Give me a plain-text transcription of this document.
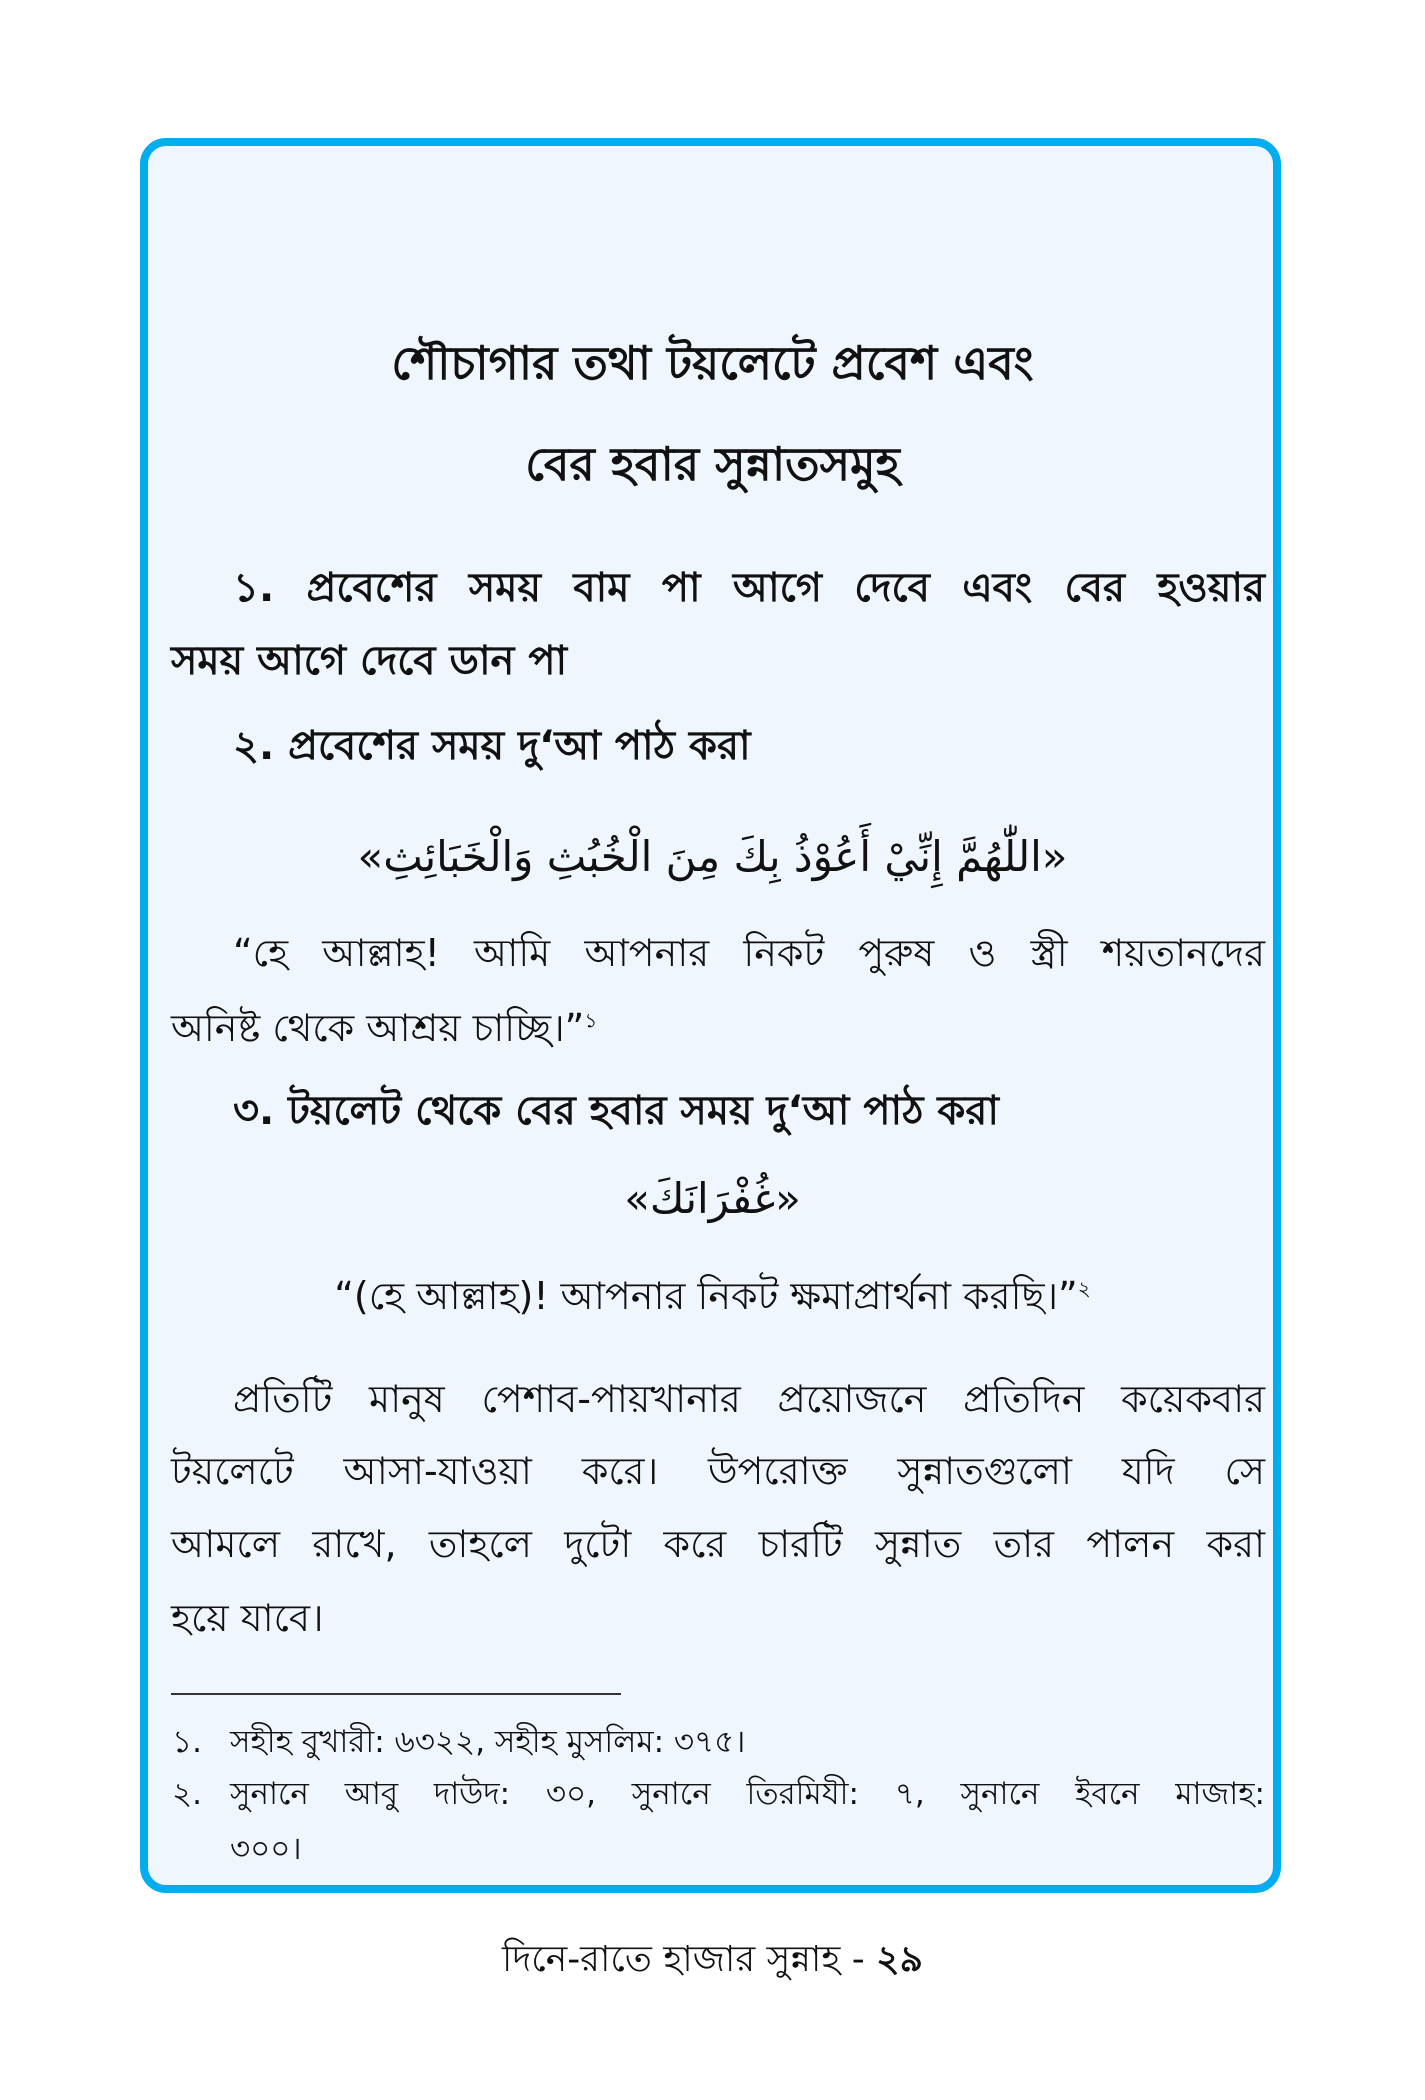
শৌচাগার তথা টয়লেটে প্রবেশ এবং
বের হবার সুন্নাতসমুহ
১. প্রবেশের সময় বাম পা আগে দেবে এবং বের হওয়ার
সময় আগে দেবে ডান পা
২. প্রবেশের সময় দু‘আ পাঠ করা
«اللّٰهُمَّ إِنِّيْ أَعُوْذُ بِكَ مِنَ الْخُبُثِ وَالْخَبَائِثِ»
“হে আল্লাহ! আমি আপনার নিকট পুরুষ ও স্ত্রী শয়তানদের
অনিষ্ট থেকে আশ্রয় চাচ্ছি।”$^১$
৩. টয়লেট থেকে বের হবার সময় দু‘আ পাঠ করা
«غُفْرَانَكَ»
“(হে আল্লাহ)! আপনার নিকট ক্ষমাপ্রার্থনা করছি।”$^২$
প্রতিটি মানুষ পেশাব-পায়খানার প্রয়োজনে প্রতিদিন কয়েকবার
টয়লেটে আসা-যাওয়া করে। উপরোক্ত সুন্নাতগুলো যদি সে
আমলে রাখে, তাহলে দুটো করে চারটি সুন্নাত তার পালন করা
হয়ে যাবে।
১. সহীহ বুখারী: ৬৩২২, সহীহ মুসলিম: ৩৭৫।
২. সুনানে আবু দাউদ: ৩০, সুনানে তিরমিযী: ৭, সুনানে ইবনে মাজাহ:
৩০০।
দিনে-রাতে হাজার সুন্নাহ - ২৯
